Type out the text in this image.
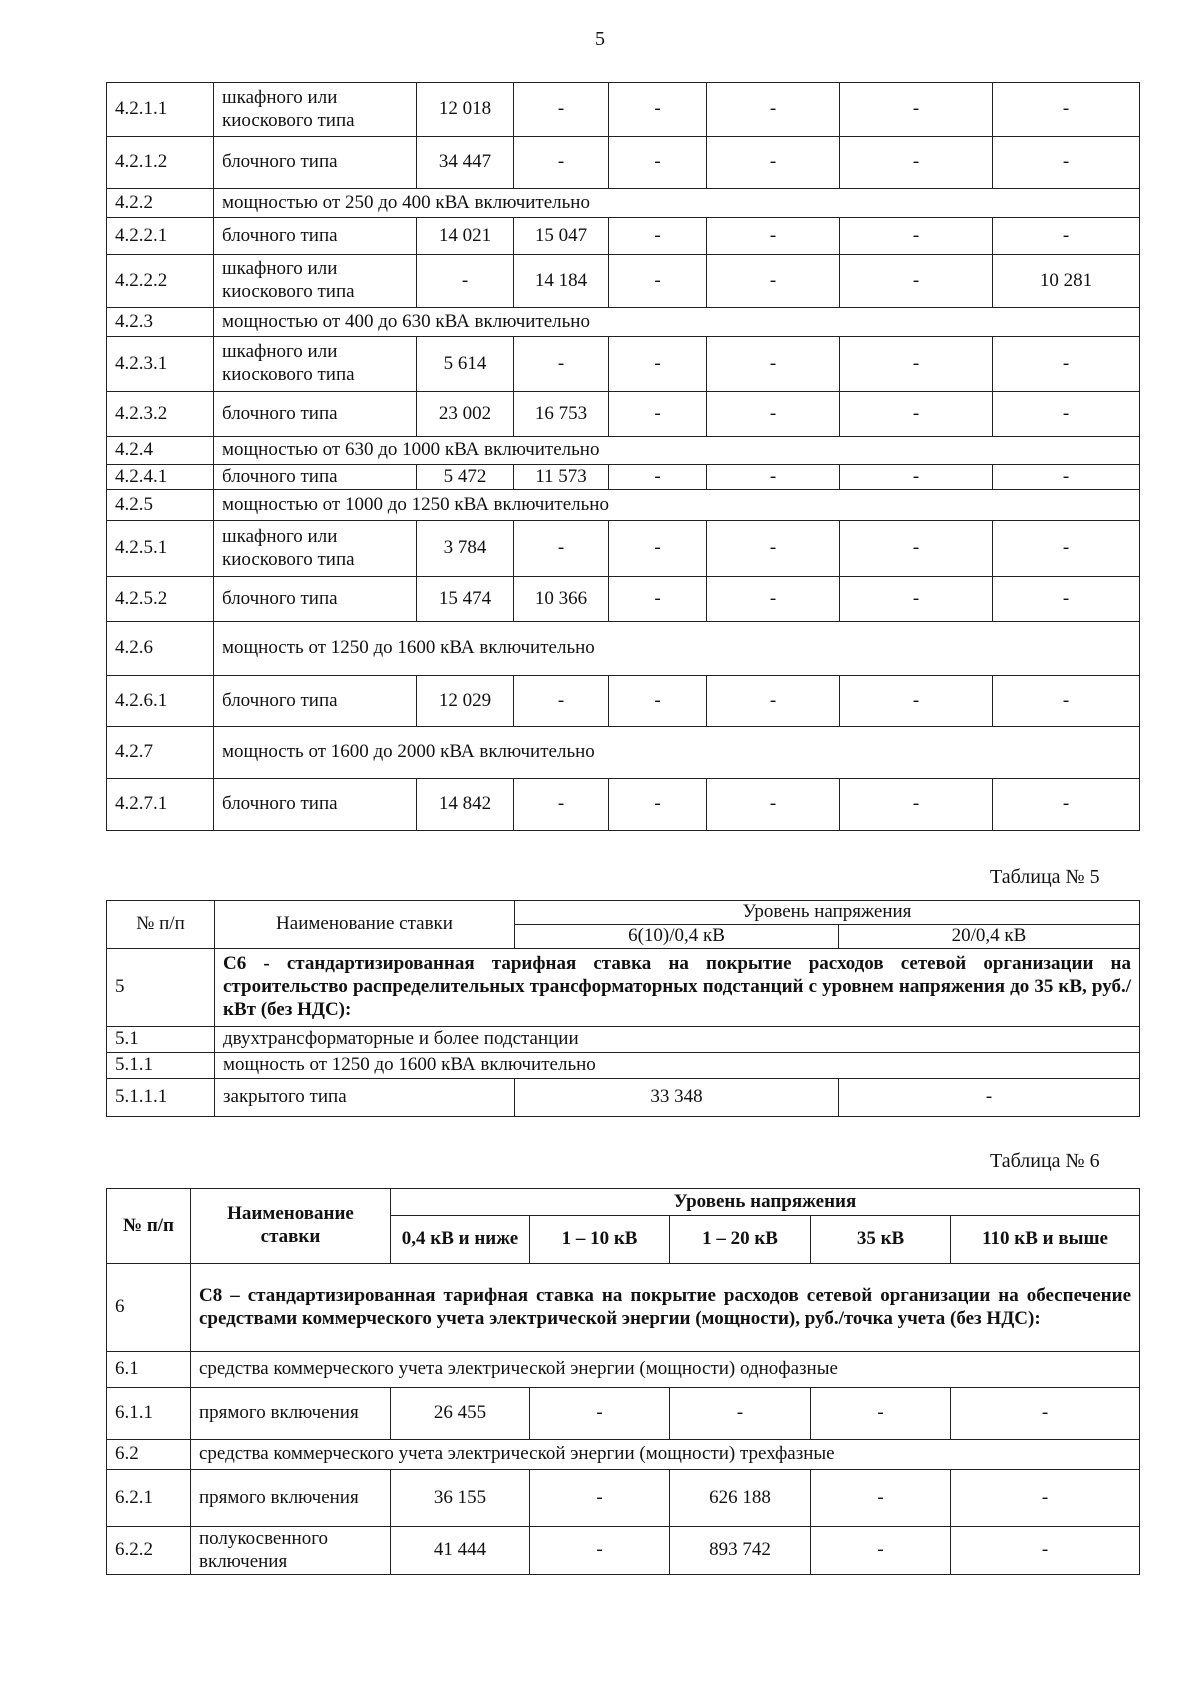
5
4.2.1.1	шкафного или киоскового типа	12 018	-	-	-	-	-
4.2.1.2	блочного типа	34 447	-	-	-	-	-
4.2.2	мощностью от 250 до 400 кВА включительно						
4.2.2.1	блочного типа	14 021	15 047	-	-	-	-
4.2.2.2	шкафного или киоскового типа	-	14 184	-	-	-	10 281
4.2.3	мощностью от 400 до 630 кВА включительно						
4.2.3.1	шкафного или киоскового типа	5 614	-	-	-	-	-
4.2.3.2	блочного типа	23 002	16 753	-	-	-	-
4.2.4	мощностью от 630 до 1000 кВА включительно						
4.2.4.1	блочного типа	5 472	11 573	-	-	-	-
4.2.5	мощностью от 1000 до 1250 кВА включительно						
4.2.5.1	шкафного или киоскового типа	3 784	-	-	-	-	-
4.2.5.2	блочного типа	15 474	10 366	-	-	-	-
4.2.6	мощность от 1250 до 1600 кВА включительно						
4.2.6.1	блочного типа	12 029	-	-	-	-	-
4.2.7	мощность от 1600 до 2000 кВА включительно						
4.2.7.1	блочного типа	14 842	-	-	-	-	-
Таблица № 5
№ п/п	Наименование ставки	Уровень напряжения	
		6(10)/0,4 кВ	20/0,4 кВ
5	С6 - стандартизированная тарифная ставка на покрытие расходов сетевой организации на строительство распределительных трансформаторных подстанций с уровнем напряжения до 35 кВ, руб./кВт (без НДС):		
5.1	двухтрансформаторные и более подстанции		
5.1.1	мощность от 1250 до 1600 кВА включительно		
5.1.1.1	закрытого типа	33 348	-
Таблица № 6
№ п/п	Наименование ставки	Уровень напряжения				
		0,4 кВ и ниже	1 – 10 кВ	1 – 20 кВ	35 кВ	110 кВ и выше
6	С8 – стандартизированная тарифная ставка на покрытие расходов сетевой организации на обеспечение средствами коммерческого учета электрической энергии (мощности), руб./точка учета (без НДС):					
6.1	средства коммерческого учета электрической энергии (мощности) однофазные					
6.1.1	прямого включения	26 455	-	-	-	-
6.2	средства коммерческого учета электрической энергии (мощности) трехфазные					
6.2.1	прямого включения	36 155	-	626 188	-	-
6.2.2	полукосвенного включения	41 444	-	893 742	-	-
